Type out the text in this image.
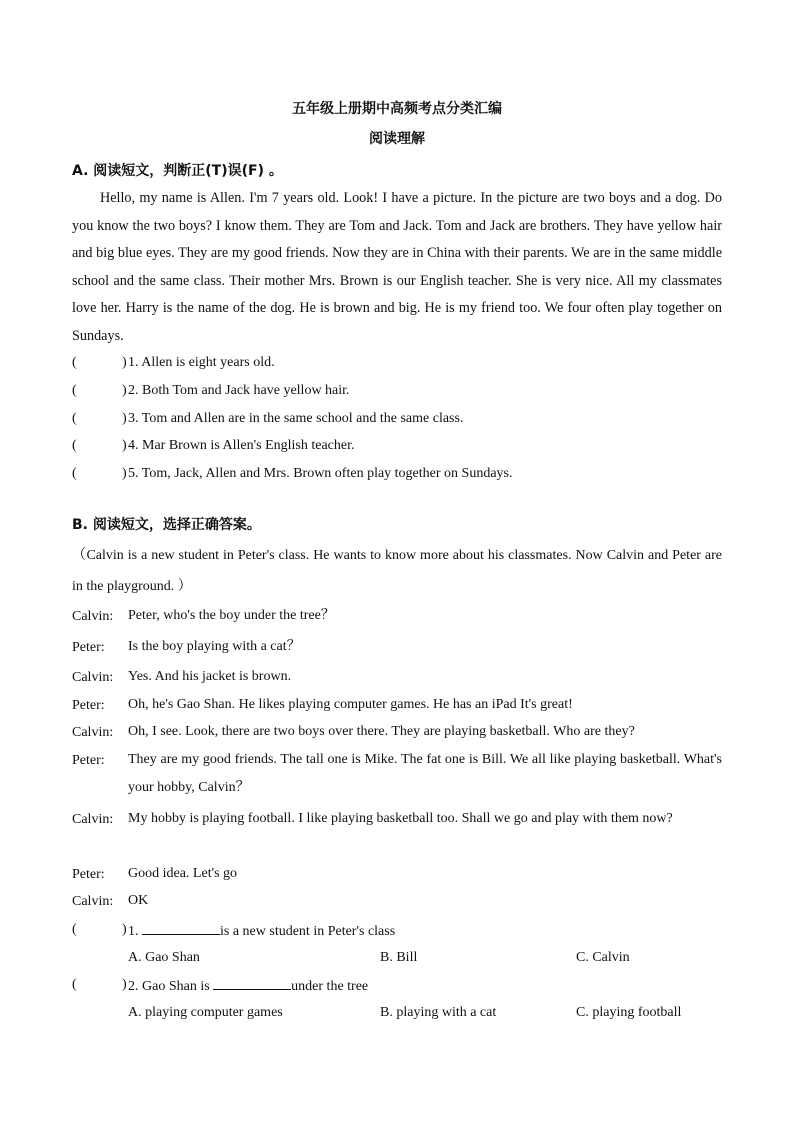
五年级上册期中高频考点分类汇编
阅读理解
A. 阅读短文，判断正(T)误(F) 。

Hello, my name is Allen. I'm 7 years old. Look! I have a picture. In the picture are two boys and a dog. Do you know the two boys? I know them. They are Tom and Jack. Tom and Jack are brothers. They have yellow hair and big blue eyes. They are my good friends. Now they are in China with their parents. We are in the same middle school and the same class. Their mother Mrs. Brown is our English teacher. She is very nice. All my classmates love her. Harry is the name of the dog. He is brown and big. He is my friend too. We four often play together on Sundays.

(	) 1. Allen is eight years old.
(	) 2. Both Tom and Jack have yellow hair.
(	) 3. Tom and Allen are in the same school and the same class.
(	) 4. Mar Brown is Allen's English teacher.
(	) 5. Tom, Jack, Allen and Mrs. Brown often play together on Sundays.
B. 阅读短文，选择正确答案。

（Calvin is a new student in Peter's class. He wants to know more about his classmates. Now Calvin and Peter are in the playground. ）

Calvin: Peter, who's the boy under the tree？
Peter: Is the boy playing with a cat？
Calvin: Yes. And his jacket is brown.
Peter: Oh, he's Gao Shan. He likes playing computer games. He has an iPad It's great!
Calvin: Oh, I see. Look, there are two boys over there. They are playing basketball. Who are they?
Peter: They are my good friends. The tall one is Mike. The fat one is Bill. We all like playing basketball. What's your hobby, Calvin？
Calvin: My hobby is playing football. I like playing basketball too. Shall we go and play with them now?
Peter: Good idea. Let's go
Calvin: OK
(	) 1.	is a new student in Peter's class
A. Gao Shan	B. Bill	C. Calvin
(	) 2. Gao Shan is	under the tree
A. playing computer games	B. playing with a cat	C. playing football
